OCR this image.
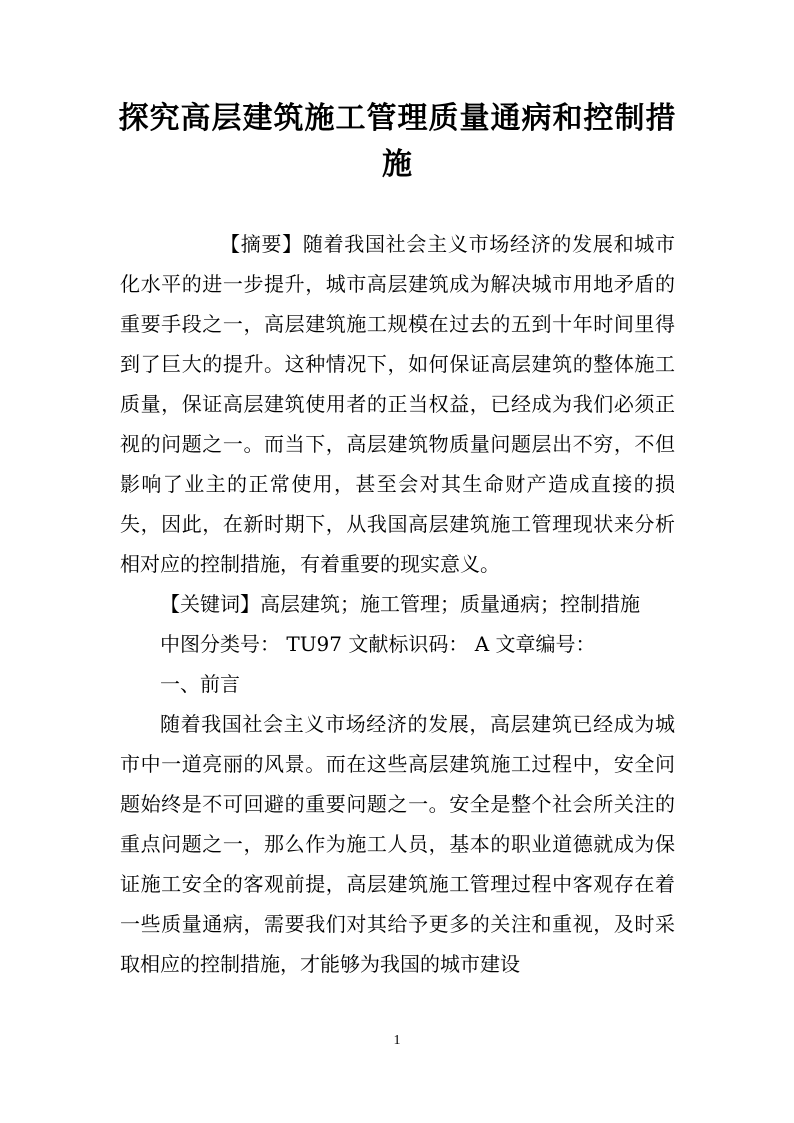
探究高层建筑施工管理质量通病和控制措施

【摘要】随着我国社会主义市场经济的发展和城市化水平的进一步提升，城市高层建筑成为解决城市用地矛盾的重要手段之一，高层建筑施工规模在过去的五到十年时间里得到了巨大的提升。这种情况下，如何保证高层建筑的整体施工质量，保证高层建筑使用者的正当权益，已经成为我们必须正视的问题之一。而当下，高层建筑物质量问题层出不穷，不但影响了业主的正常使用，甚至会对其生命财产造成直接的损失，因此，在新时期下，从我国高层建筑施工管理现状来分析相对应的控制措施，有着重要的现实意义。

【关键词】高层建筑；施工管理；质量通病；控制措施

中图分类号： TU97 文献标识码： A 文章编号：

一、前言

随着我国社会主义市场经济的发展，高层建筑已经成为城市中一道亮丽的风景。而在这些高层建筑施工过程中，安全问题始终是不可回避的重要问题之一。安全是整个社会所关注的重点问题之一，那么作为施工人员，基本的职业道德就成为保证施工安全的客观前提，高层建筑施工管理过程中客观存在着一些质量通病，需要我们对其给予更多的关注和重视，及时采取相应的控制措施，才能够为我国的城市建设

1
